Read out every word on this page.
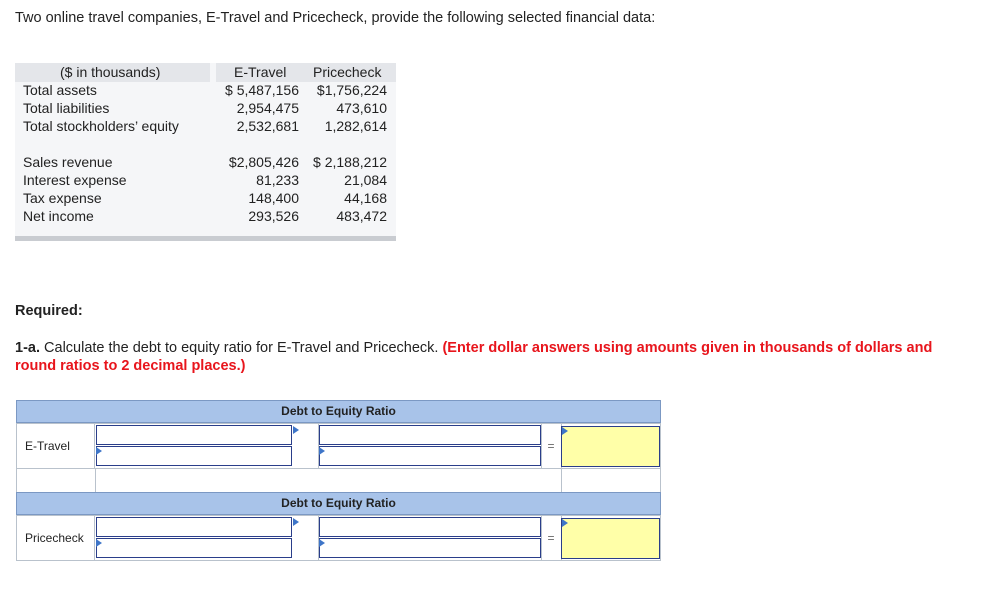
Two online travel companies, E-Travel and Pricecheck, provide the following selected financial data:
($ in thousands)	E-Travel Pricecheck
Total assets	$ 5,487,156 $1,756,224
Total liabilities	2,954,475	473,610
Total stockholders’ equity	2,532,681 1,282,614
Sales revenue	$2,805,426 $ 2,188,212
Interest expense	81,233	21,084
Tax expense	148,400	44,168
Net income	293,526	483,472
Required:
1-a. Calculate the debt to equity ratio for E-Travel and Pricecheck. (Enter dollar answers using amounts given in thousands of dollars and round ratios to 2 decimal places.)
Debt to Equity Ratio
E-Travel	=
Debt to Equity Ratio
Pricecheck	=
